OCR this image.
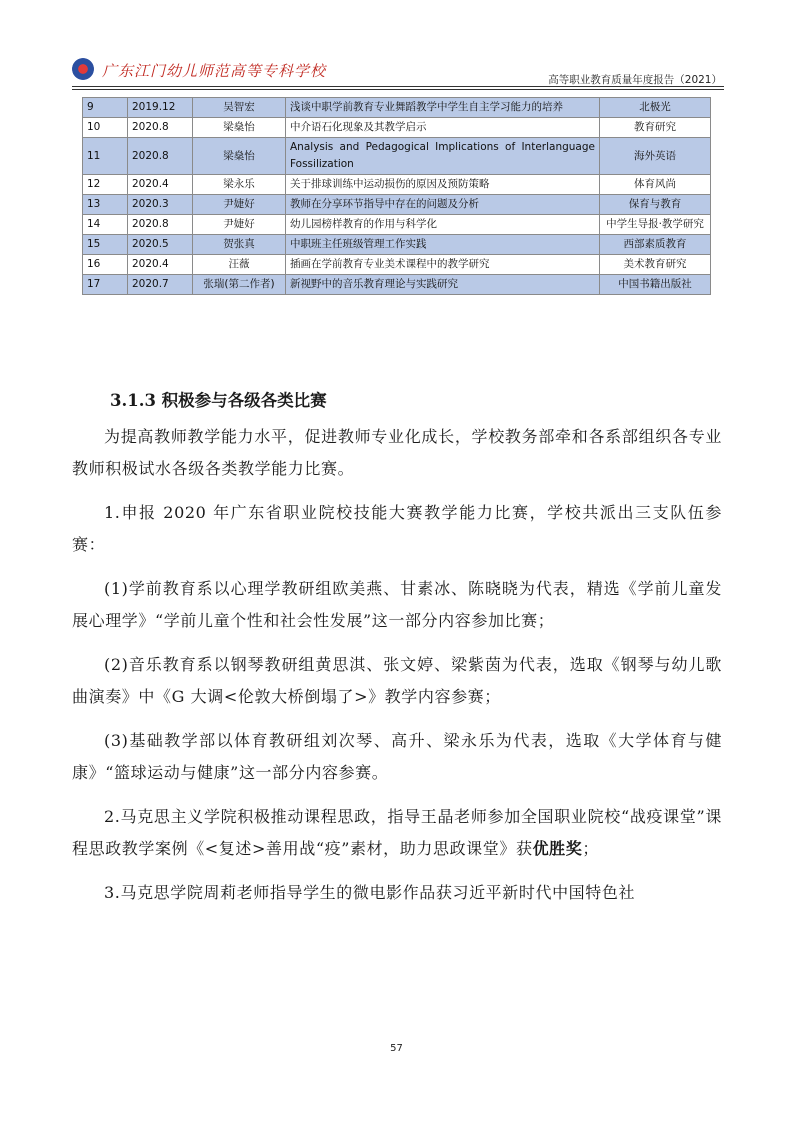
广东江门幼儿师范高等专科学校	高等职业教育质量年度报告（2021）
9	2019.12	吴智宏	浅谈中职学前教育专业舞蹈教学中学生自主学习能力的培养	北极光
10	2020.8	梁燊怡	中介语石化现象及其教学启示	教育研究
11	2020.8	梁燊怡	Analysis and Pedagogical Implications of Interlanguage Fossilization	海外英语
12	2020.4	梁永乐	关于排球训练中运动损伤的原因及预防策略	体育风尚
13	2020.3	尹婕好	教师在分享环节指导中存在的问题及分析	保育与教育
14	2020.8	尹婕好	幼儿园榜样教育的作用与科学化	中学生导报·教学研究
15	2020.5	贺张真	中职班主任班级管理工作实践	西部素质教育
16	2020.4	汪薇	插画在学前教育专业美术课程中的教学研究	美术教育研究
17	2020.7	张瑞(第二作者)	新视野中的音乐教育理论与实践研究	中国书籍出版社
3.1.3 积极参与各级各类比赛

为提高教师教学能力水平，促进教师专业化成长，学校教务部牵和各系部组织各专业教师积极试水各级各类教学能力比赛。

1.申报 2020 年广东省职业院校技能大赛教学能力比赛，学校共派出三支队伍参赛：

(1)学前教育系以心理学教研组欧美燕、甘素冰、陈晓晓为代表，精选《学前儿童发展心理学》“学前儿童个性和社会性发展”这一部分内容参加比赛；

(2)音乐教育系以钢琴教研组黄思淇、张文婷、梁紫茵为代表，选取《钢琴与幼儿歌曲演奏》中《G 大调<伦敦大桥倒塌了>》教学内容参赛；

(3)基础教学部以体育教研组刘次琴、高升、梁永乐为代表，选取《大学体育与健康》“篮球运动与健康”这一部分内容参赛。

2.马克思主义学院积极推动课程思政，指导王晶老师参加全国职业院校“战疫课堂”课程思政教学案例《<复述>善用战“疫”素材，助力思政课堂》获优胜奖；

3.马克思学院周莉老师指导学生的微电影作品获习近平新时代中国特色社

57
